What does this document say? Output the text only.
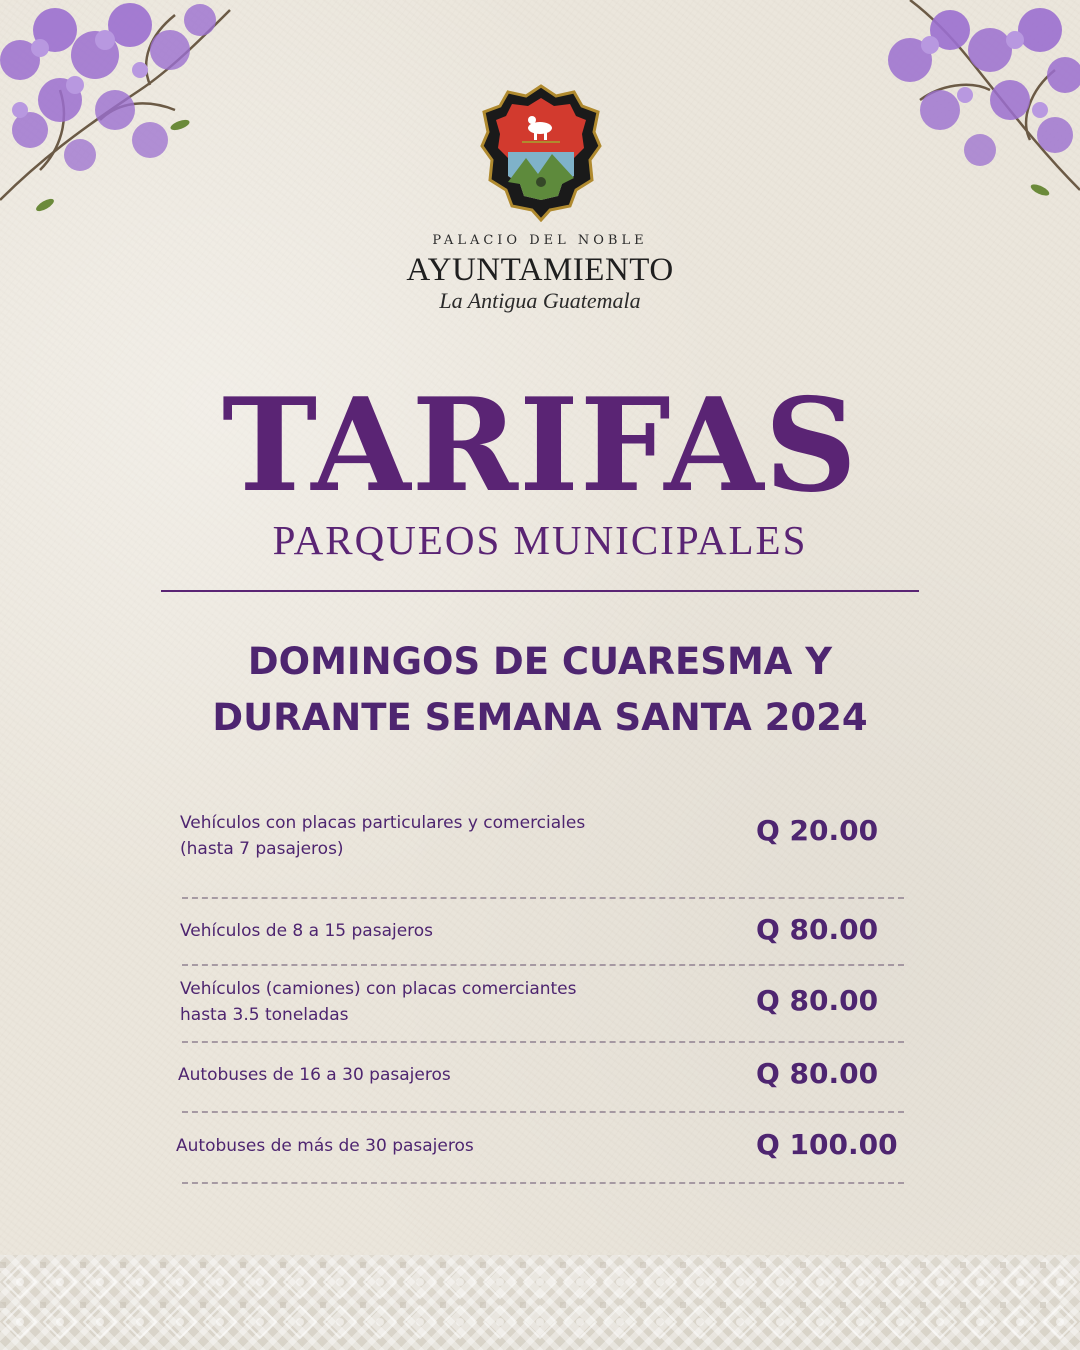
PALACIO DEL NOBLE
AYUNTAMIENTO
La Antigua Guatemala
TARIFAS
PARQUEOS MUNICIPALES
DOMINGOS DE CUARESMA Y
DURANTE SEMANA SANTA 2024
Vehículos con placas particulares y comerciales
(hasta 7 pasajeros)
Q 20.00
Vehículos de 8 a 15 pasajeros	Q 80.00
Vehículos (camiones) con placas comerciantes
hasta 3.5 toneladas	Q 80.00
Autobuses de 16 a 30 pasajeros	Q 80.00
Autobuses de más de 30 pasajeros	Q 100.00
